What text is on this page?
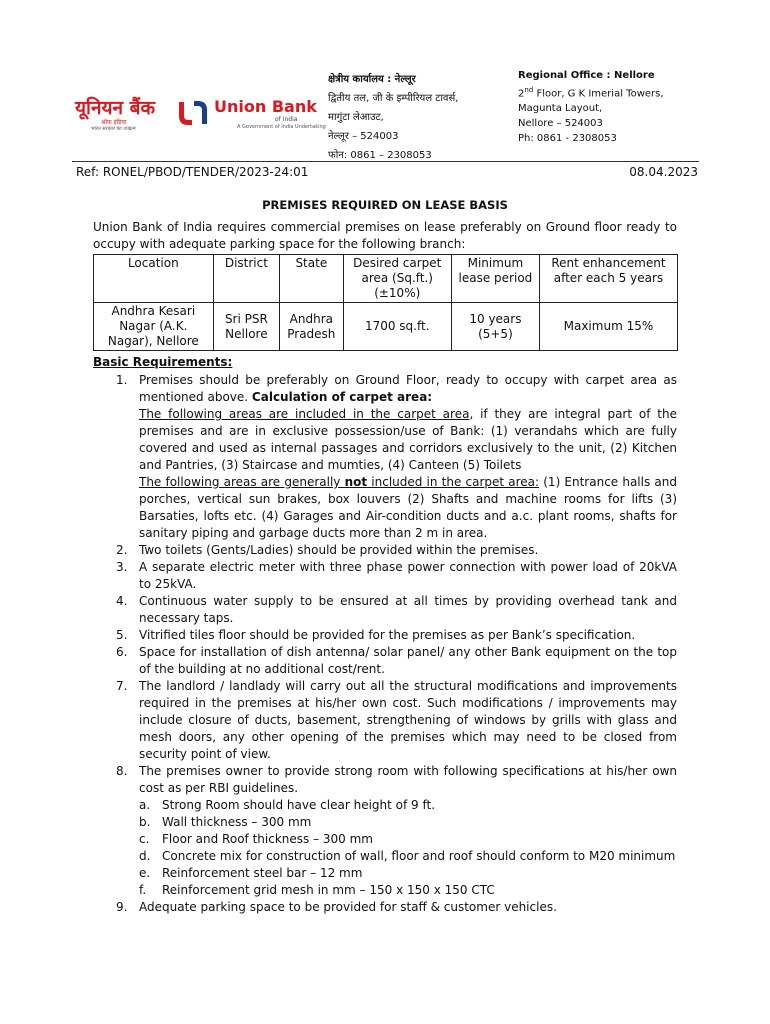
यूनियन बैंक
ऑफ इंडिया
भारत सरकार का उपक्रम
Union Bank
of India
A Government of India Undertaking
क्षेत्रीय कार्यालय : नेल्लूर
द्वितीय तल, जी के इम्पीरियल टावर्स,
मागुंटा लेआउट,
नेल्लूर – 524003
फोन: 0861 – 2308053
Regional Office : Nellore
2nd Floor, G K Imerial Towers,
Magunta Layout,
Nellore – 524003
Ph: 0861 - 2308053
Ref: RONEL/PBOD/TENDER/2023-24:01	08.04.2023
PREMISES REQUIRED ON LEASE BASIS
Union Bank of India requires commercial premises on lease preferably on Ground floor ready to occupy with adequate parking space for the following branch:
Location	District	State	Desired carpet area (Sq.ft.) (±10%)	Minimum lease period	Rent enhancement after each 5 years
Andhra Kesari Nagar (A.K. Nagar), Nellore	Sri PSR Nellore	Andhra Pradesh	1700 sq.ft.	10 years (5+5)	Maximum 15%
Basic Requirements:
1. Premises should be preferably on Ground Floor, ready to occupy with carpet area as mentioned above. Calculation of carpet area:
The following areas are included in the carpet area, if they are integral part of the premises and are in exclusive possession/use of Bank: (1) verandahs which are fully covered and used as internal passages and corridors exclusively to the unit, (2) Kitchen and Pantries, (3) Staircase and mumties, (4) Canteen (5) Toilets
The following areas are generally not included in the carpet area: (1) Entrance halls and porches, vertical sun brakes, box louvers (2) Shafts and machine rooms for lifts (3) Barsaties, lofts etc. (4) Garages and Air-condition ducts and a.c. plant rooms, shafts for sanitary piping and garbage ducts more than 2 m in area.
2. Two toilets (Gents/Ladies) should be provided within the premises.
3. A separate electric meter with three phase power connection with power load of 20kVA to 25kVA.
4. Continuous water supply to be ensured at all times by providing overhead tank and necessary taps.
5. Vitrified tiles floor should be provided for the premises as per Bank’s specification.
6. Space for installation of dish antenna/ solar panel/ any other Bank equipment on the top of the building at no additional cost/rent.
7. The landlord / landlady will carry out all the structural modifications and improvements required in the premises at his/her own cost. Such modifications / improvements may include closure of ducts, basement, strengthening of windows by grills with glass and mesh doors, any other opening of the premises which may need to be closed from security point of view.
8. The premises owner to provide strong room with following specifications at his/her own cost as per RBI guidelines.
a. Strong Room should have clear height of 9 ft.
b. Wall thickness – 300 mm
c. Floor and Roof thickness – 300 mm
d. Concrete mix for construction of wall, floor and roof should conform to M20 minimum
e. Reinforcement steel bar – 12 mm
f. Reinforcement grid mesh in mm – 150 x 150 x 150 CTC
9. Adequate parking space to be provided for staff & customer vehicles.
